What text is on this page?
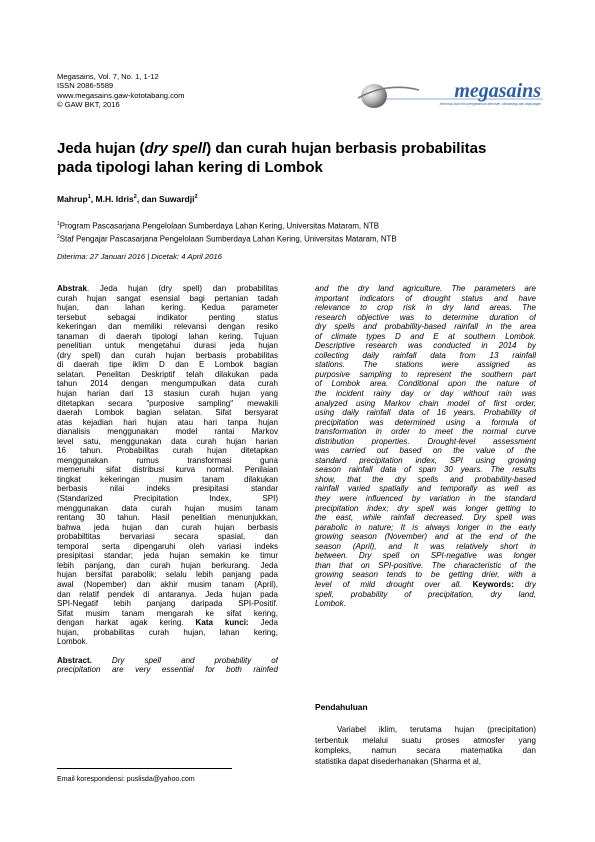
Megasains, Vol. 7, No. 1, 1-12
ISSN 2086-5589
www.megasains.gaw-kototabang.com
© GAW BKT, 2016
megasains
Informasi dan ilmu pengetahuan atmosfer, klimatologi dan lingkungan
Jeda hujan (dry spell) dan curah hujan berbasis probabilitas
pada tipologi lahan kering di Lombok
Mahrup$^1$, M.H. Idris$^2$, dan Suwardji$^2$
$^1$Program Pascasarjana Pengelolaan Sumberdaya Lahan Kering, Universitas Mataram, NTB
$^2$Staf Pengajar Pascasarjana Pengelolaan Sumberdaya Lahan Kering, Universitas Mataram, NTB
Diterima: 27 Januari 2016 | Dicetak: 4 April 2016
Abstrak. Jeda hujan (dry spell) dan probabilitas
curah hujan sangat esensial bagi pertanian tadah
hujan, dan lahan kering. Kedua parameter
tersebut sebagai indikator penting status
kekeringan dan memiliki relevansi dengan resiko
tanaman di daerah tipologi lahan kering. Tujuan
penelitian untuk mengetahui durasi jeda hujan
(dry spell) dan curah hujan berbasis probabilitas
di daerah tipe iklim D dan E Lombok bagian
selatan. Penelitan Deskriptif telah dilakukan pada
tahun 2014 dengan mengumpulkan data curah
hujan harian dari 13 stasiun curah hujan yang
ditetapkan secara "purposive sampling" mewakili
daerah Lombok bagian selatan. Sifat bersyarat
atas kejadian hari hujan atau hari tanpa hujan
dianalisis menggunakan model rantai Markov
level satu, menggunakan data curah hujan harian
16 tahun. Probabilitas curah hujan ditetapkan
menggunakan rumus transformasi guna
memenuhi sifat distribusi kurva normal. Penilaian
tingkat kekeringan musim tanam dilakukan
berbasis nilai indeks presipitasi standar
(Standarized Precipitation Index, SPI)
menggunakan data curah hujan musim tanam
rentang 30 tahun. Hasil penelitian menunjukkan,
bahwa jeda hujan dan curah hujan berbasis
probabiltitas bervariasi secara spasial, dan
temporal serta dipengaruhi oleh variasi indeks
presipitasi standar; jeda hujan semakin ke timur
lebih panjang, dan curah hujan berkurang. Jeda
hujan bersifat parabolik; selalu lebih panjang pada
awal (Nopember) dan akhir musim tanam (April),
dan relatif pendek di antaranya. Jeda hujan pada
SPI-Negatif lebih panjang daripada SPI-Positif.
Sifat musim tanam mengarah ke sifat kering,
dengan harkat agak kering. Kata kunci: Jeda
hujan, probabilitas curah hujan, lahan kering,
Lombok.
Abstract. Dry spell and probability of
precipitation are very essential for both rainfed
and the dry land agriculture. The parameters are
important indicators of drought status and have
relevance to crop risk in dry land areas. The
research objective was to determine duration of
dry spells and probability-based rainfall in the area
of climate types D and E at southern Lombok.
Descriptive research was conducted in 2014 by
collecting daily rainfall data from 13 rainfall
stations. The stations were assigned as
purposive sampling to represent the southern part
of Lombok area. Conditional upon the nature of
the incident rainy day or day without rain was
analyzed using Markov chain model of first order,
using daily rainfall data of 16 years. Probability of
precipitation was determined using a formula of
transformation in order to meet the normal curve
distribution properties. Drought-level assessment
was carried out based on the value of the
standard precipitation index, SPI using growing
season rainfall data of span 30 years. The results
show, that the dry spells and probability-based
rainfall varied spatially and temporally as well as
they were influenced by variation in the standard
precipitation index; dry spell was longer getting to
the east, while rainfall decreased. Dry spell was
parabolic in nature; It is always longer in the early
growing season (November) and at the end of the
season (April), and It was relatively short in
between. Dry spell on SPI-negative was longer
than that on SPI-positive. The characteristic of the
growing season tends to be getting drier, with a
level of mild drought over all. Keywords: dry
spell, probability of precipitation, dry land,
Lombok.
Pendahuluan
Variabel iklim, terutama hujan (precipitation)
terbentuk melalui suatu proses atmosfer yang
kompleks, namun secara matematika dan
statistika dapat disederhanakan (Sharma et al,
Email korespondensi: puslisda@yahoo.com
